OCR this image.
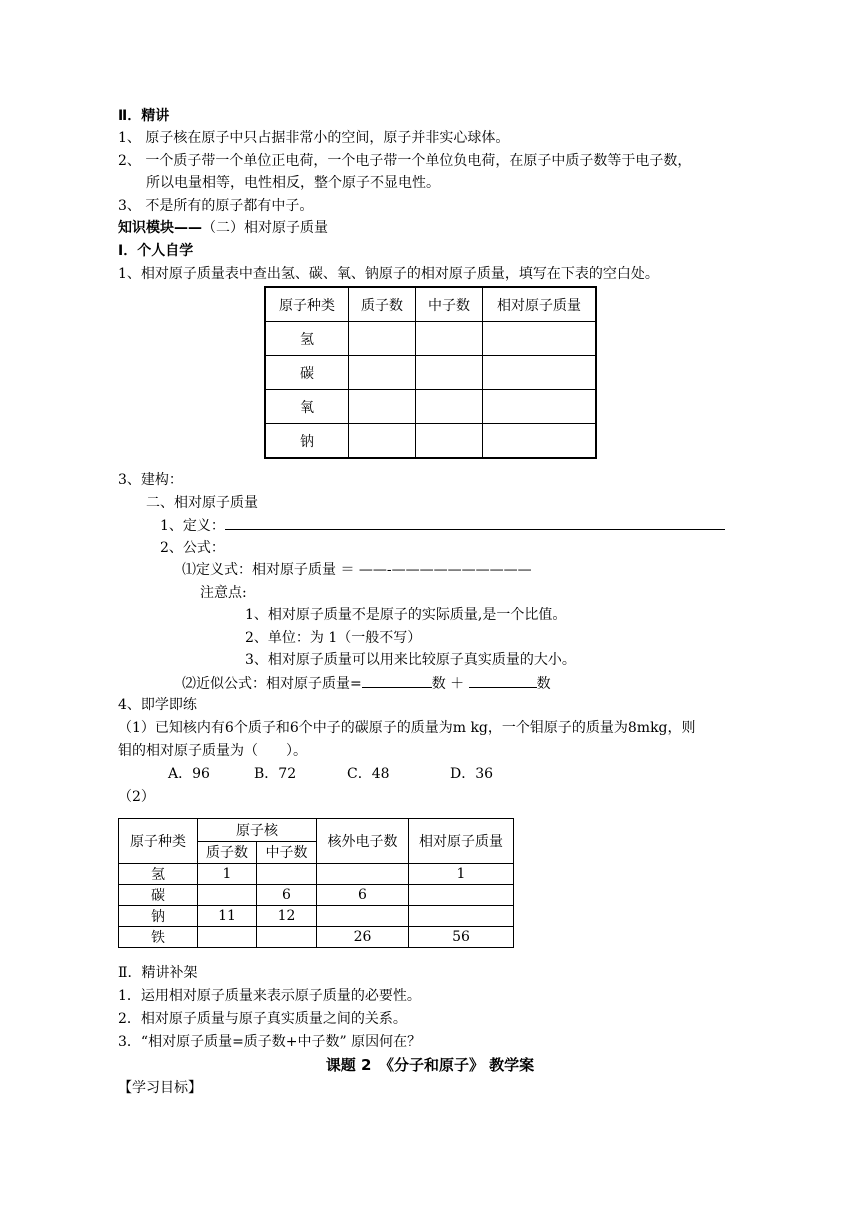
Ⅱ．精讲
1、 原子核在原子中只占据非常小的空间，原子并非实心球体。
2、 一个质子带一个单位正电荷，一个电子带一个单位负电荷，在原子中质子数等于电子数，
所以电量相等，电性相反，整个原子不显电性。
3、 不是所有的原子都有中子。
知识模块——（二）相对原子质量
Ⅰ．个人自学
1、相对原子质量表中查出氢、碳、氧、钠原子的相对原子质量，填写在下表的空白处。
原子种类	质子数	中子数	相对原子质量
氢			
碳			
氧			
钠			
3、建构：
二、相对原子质量
1、定义：
2、公式：
⑴定义式：相对原子质量 ＝ ——-——————————
注意点:
1、相对原子质量不是原子的实际质量,是一个比值。
2、单位：为 1（一般不写）
3、相对原子质量可以用来比较原子真实质量的大小。
⑵近似公式：相对原子质量=	数 ＋	数
4、即学即练
（1）已知核内有6个质子和6个中子的碳原子的质量为m kg，一个钼原子的质量为8mkg，则
钼的相对原子质量为（　　）。
A．96	B．72	C．48	D．36
（2）
原子种类	原子核		核外电子数	相对原子质量
	质子数	中子数		
氢	1			1
碳		6	6	
钠	11	12		
铁			26	56
Ⅱ．精讲补架
1．运用相对原子质量来表示原子质量的必要性。
2．相对原子质量与原子真实质量之间的关系。
3．“相对原子质量=质子数+中子数” 原因何在？
课题 2　《分子和原子》 教学案
【学习目标】
